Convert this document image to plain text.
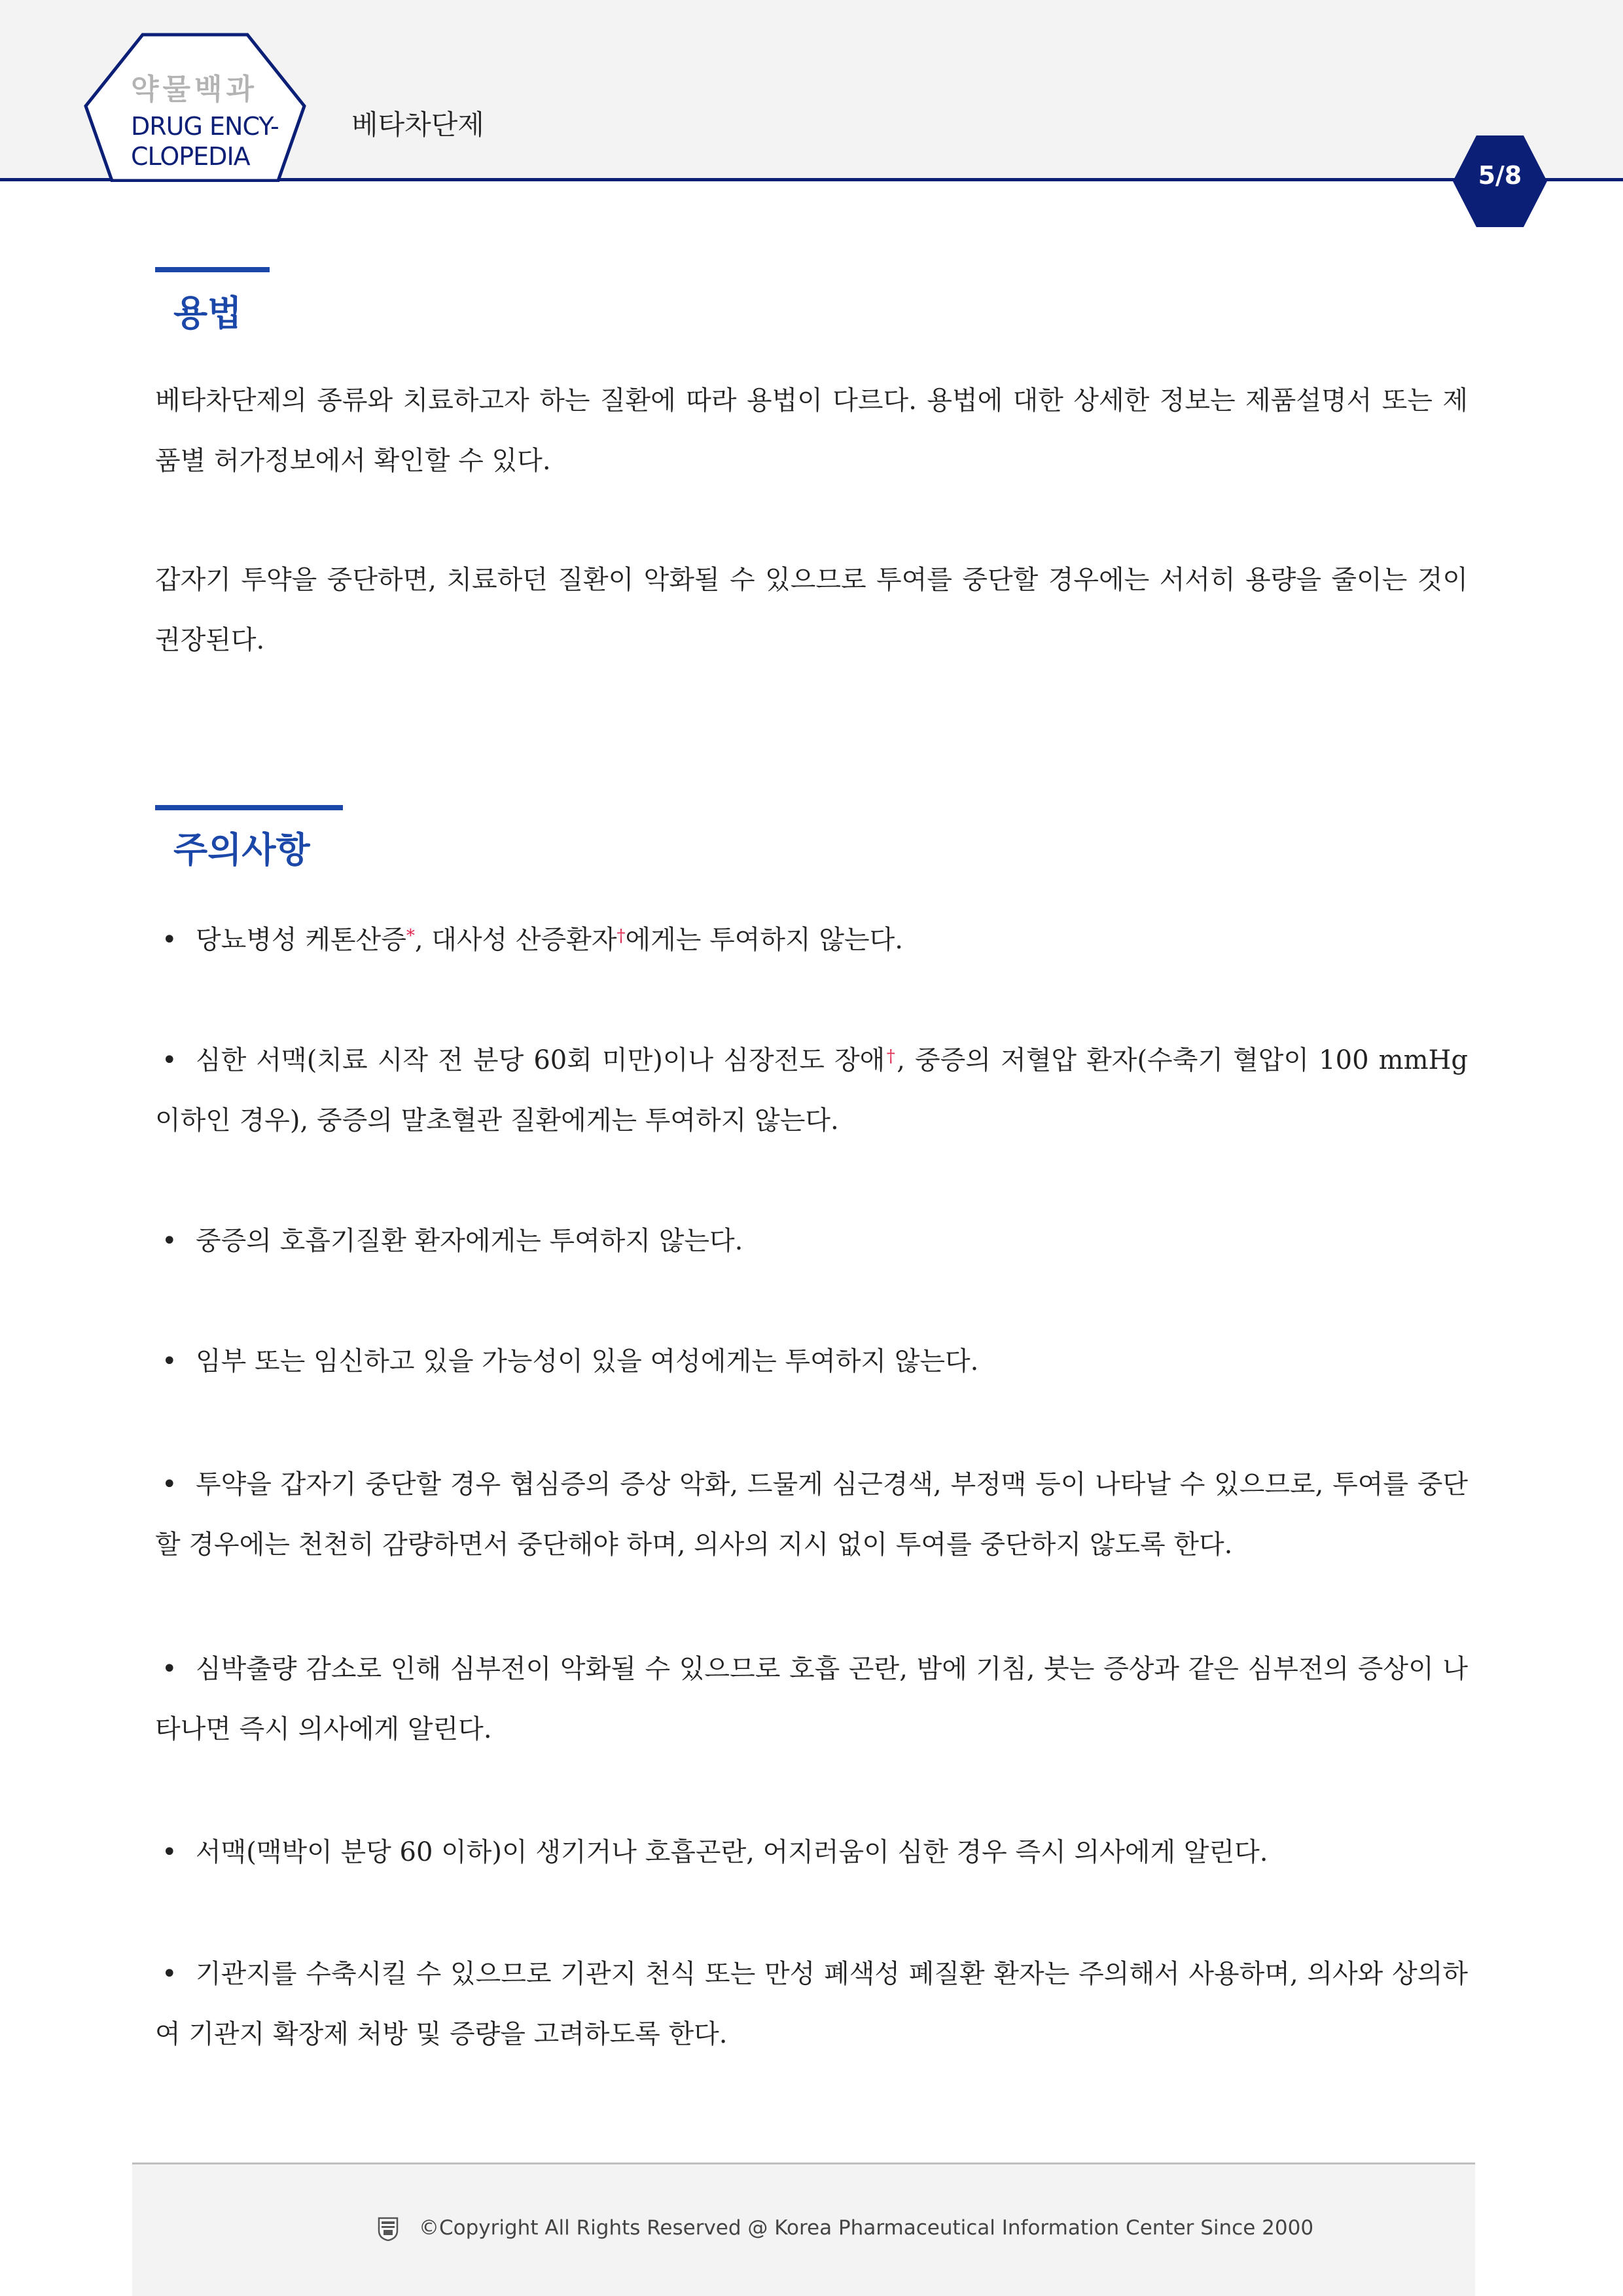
약물백과
DRUG ENCY-
CLOPEDIA
베타차단제
5/8
용법
베타차단제의 종류와 치료하고자 하는 질환에 따라 용법이 다르다. 용법에 대한 상세한 정보는 제품설명서 또는 제품별 허가정보에서 확인할 수 있다.
갑자기 투약을 중단하면, 치료하던 질환이 악화될 수 있으므로 투여를 중단할 경우에는 서서히 용량을 줄이는 것이 권장된다.
주의사항
• 당뇨병성 케톤산증*, 대사성 산증환자†에게는 투여하지 않는다.
• 심한 서맥(치료 시작 전 분당 60회 미만)이나 심장전도 장애†, 중증의 저혈압 환자(수축기 혈압이 100 mmHg 이하인 경우), 중증의 말초혈관 질환에게는 투여하지 않는다.
• 중증의 호흡기질환 환자에게는 투여하지 않는다.
• 임부 또는 임신하고 있을 가능성이 있을 여성에게는 투여하지 않는다.
• 투약을 갑자기 중단할 경우 협심증의 증상 악화, 드물게 심근경색, 부정맥 등이 나타날 수 있으므로, 투여를 중단할 경우에는 천천히 감량하면서 중단해야 하며, 의사의 지시 없이 투여를 중단하지 않도록 한다.
• 심박출량 감소로 인해 심부전이 악화될 수 있으므로 호흡 곤란, 밤에 기침, 붓는 증상과 같은 심부전의 증상이 나타나면 즉시 의사에게 알린다.
• 서맥(맥박이 분당 60 이하)이 생기거나 호흡곤란, 어지러움이 심한 경우 즉시 의사에게 알린다.
• 기관지를 수축시킬 수 있으므로 기관지 천식 또는 만성 폐색성 폐질환 환자는 주의해서 사용하며, 의사와 상의하여 기관지 확장제 처방 및 증량을 고려하도록 한다.
©Copyright All Rights Reserved @ Korea Pharmaceutical Information Center Since 2000
